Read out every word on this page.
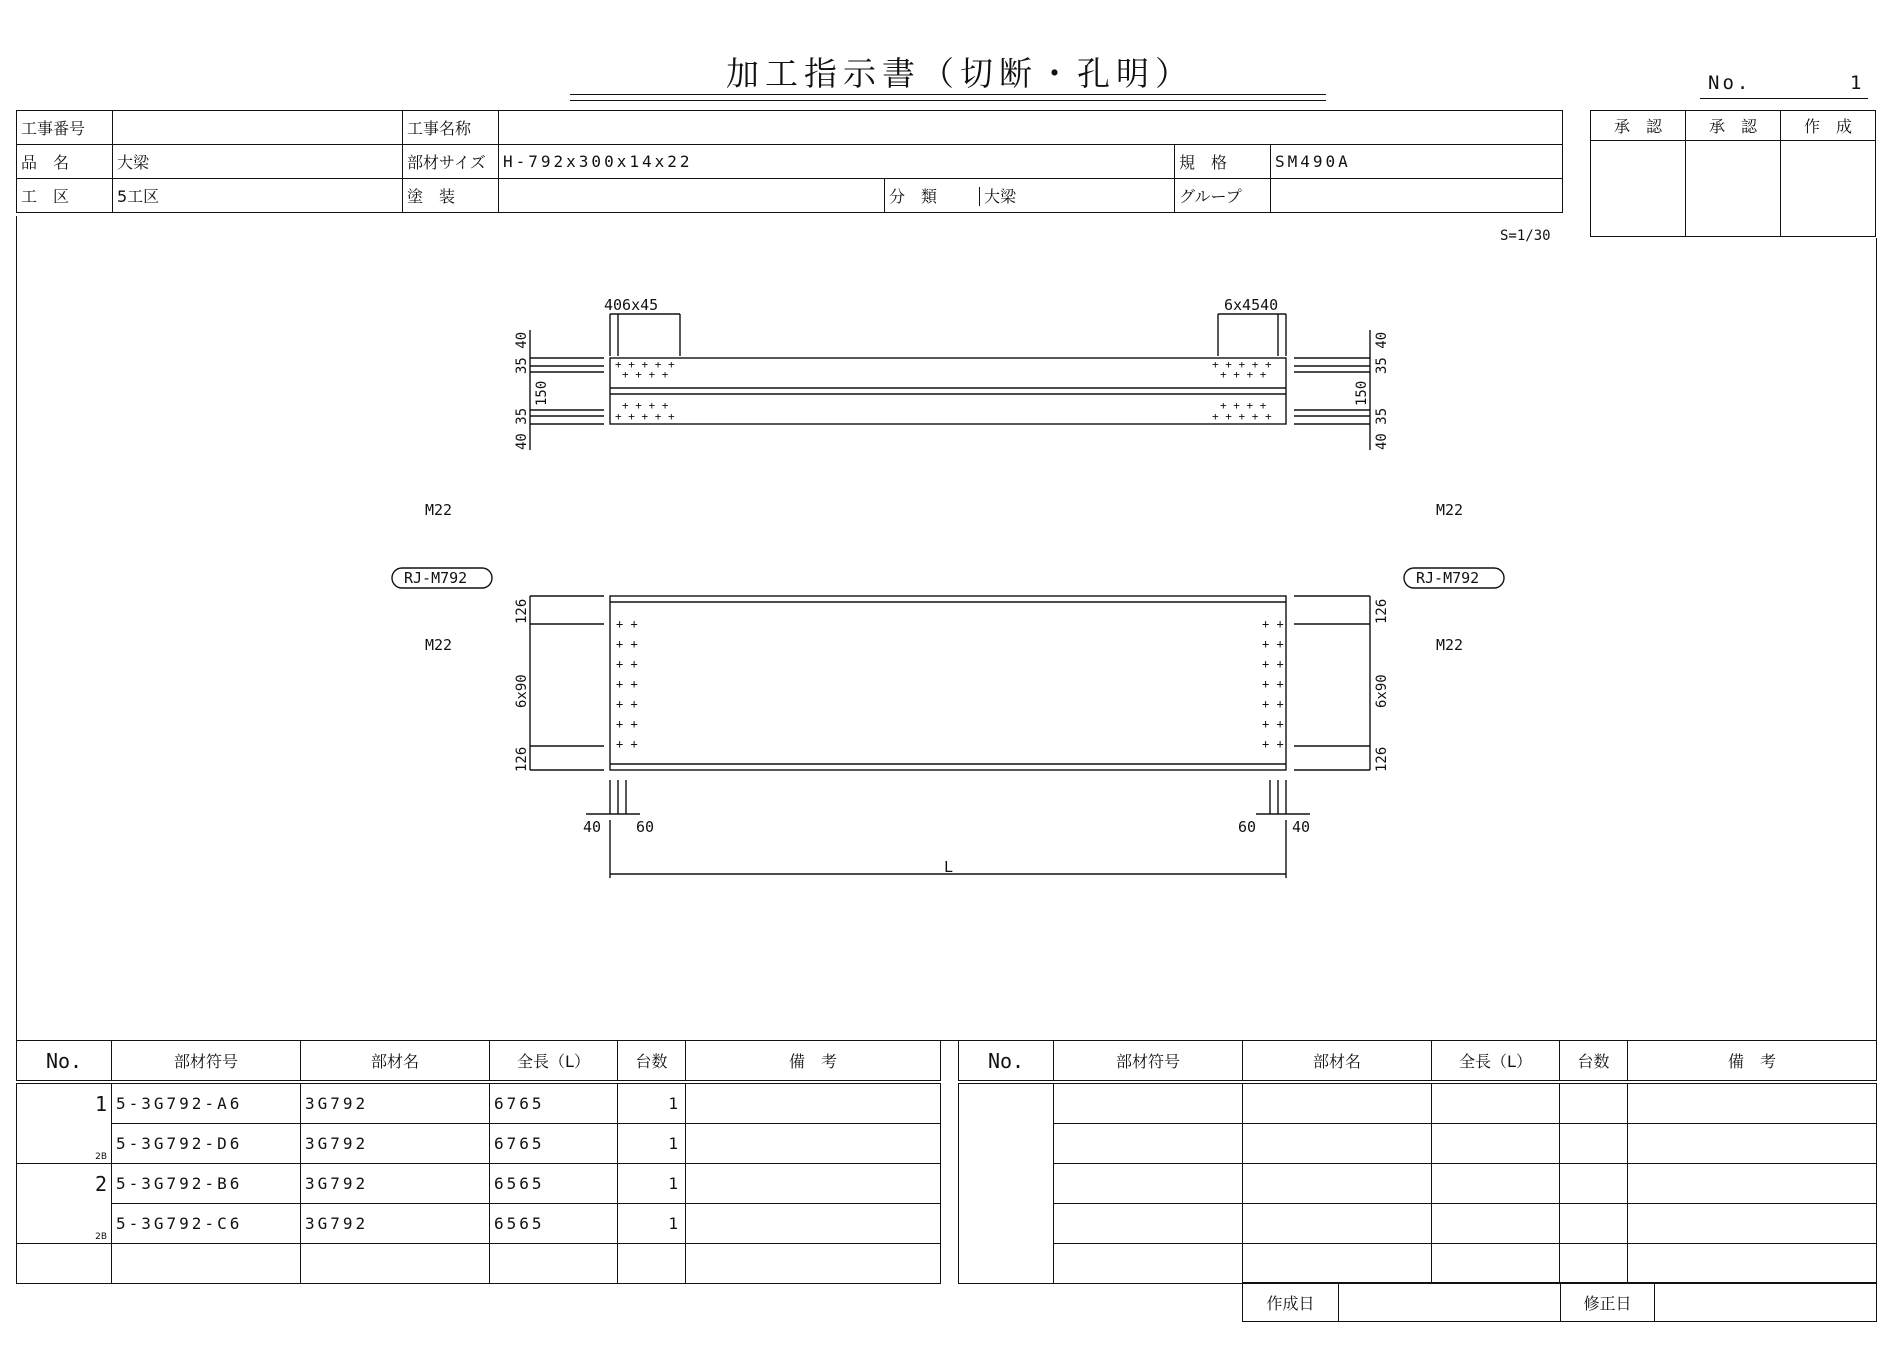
加工指示書（切断・孔明）	No.	1
工事番号		工事名称				
品　名	大梁	部材サイズ	H-792x300x14x22		規　格	SM490A
工　区	5工区	塗　装		分　類 大梁	グループ	
承　認	承　認	作　成

S=1/30
+ + + + +
+ + + +
+ + + +
+ + + + +
+ + + + +
+ + + +
+ + + +
+ + + + +
+ +
+ +
+ +
+ +
+ +
+ +
+ +
+ +
+ +
+ +
+ +
+ +
+ +
+ +
406x45	6x4540
M22	M22
M22	M22
RJ-M792	RJ-M792
40 60	60 40
L
40 35
35 40
150
35 40
40 35
150
126
6x90
126
126
6x90
126
No.	部材符号	部材名	全長（L）	台数	備　考
1	5-3G792-A6	3G792	6765	1	
2B	5-3G792-D6	3G792	6765	1	
2	5-3G792-B6	3G792	6565	1	
2B	5-3G792-C6	3G792	6565	1	

No.	部材符号	部材名	全長（L）	台数	備　考

作成日		修正日	
